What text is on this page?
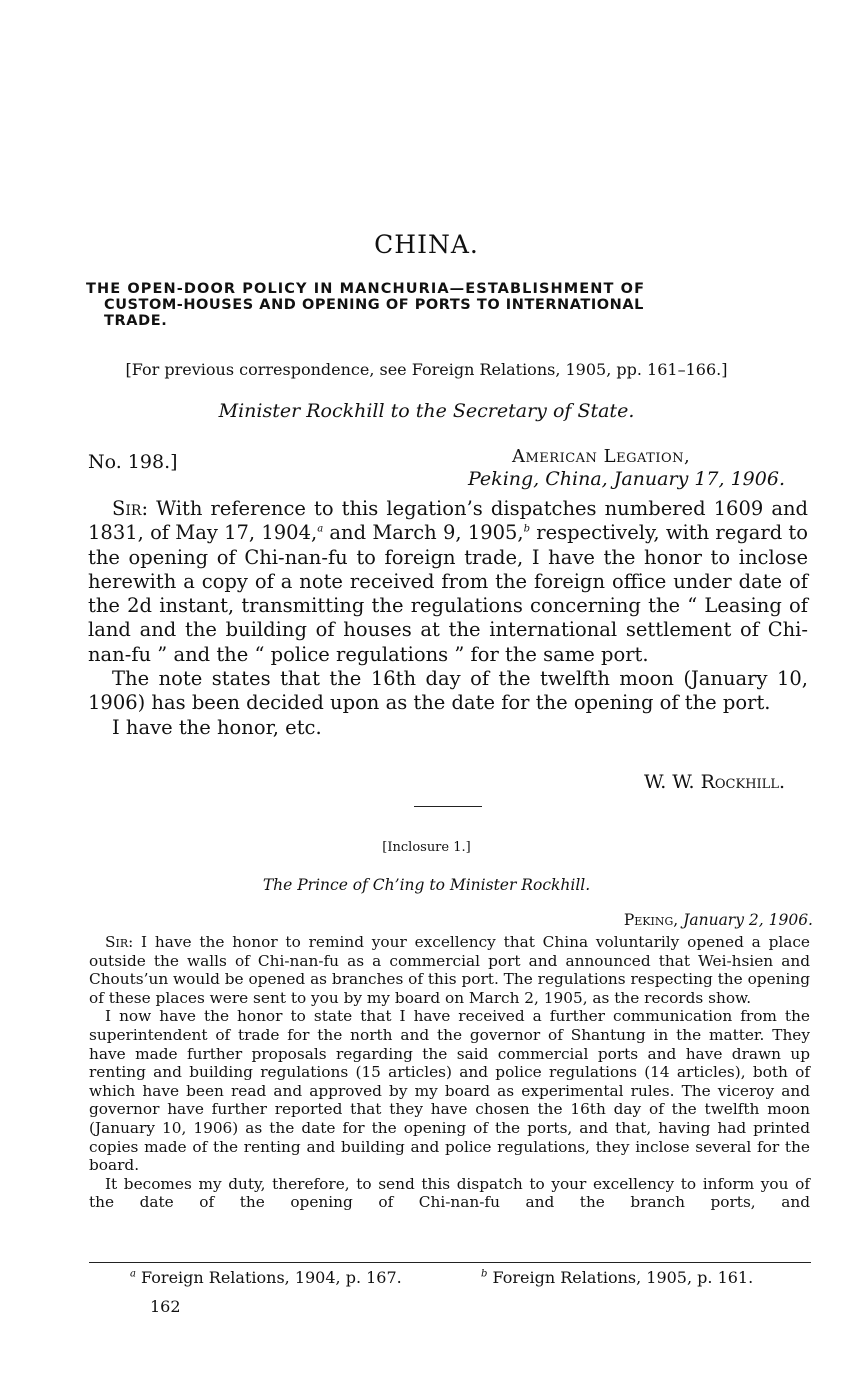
CHINA.
THE OPEN-DOOR POLICY IN MANCHURIA—ESTABLISHMENT OF
CUSTOM-HOUSES AND OPENING OF PORTS TO INTERNATIONAL
TRADE.
[For previous correspondence, see Foreign Relations, 1905, pp. 161–166.]
Minister Rockhill to the Secretary of State.
No. 198.]	American Legation,
Peking, China, January 17, 1906.

Sir: With reference to this legation’s dispatches numbered 1609 and 1831, of May 17, 1904,$^a$ and March 9, 1905,$^b$ respectively, with regard to the opening of Chi-nan-fu to foreign trade, I have the honor to inclose herewith a copy of a note received from the foreign office under date of the 2d instant, transmitting the regulations concerning the “ Leasing of land and the building of houses at the international settlement of Chi-nan-fu ” and the “ police regulations ” for the same port.

The note states that the 16th day of the twelfth moon (January 10, 1906) has been decided upon as the date for the opening of the port.

I have the honor, etc.

W. W. Rockhill.
[Inclosure 1.]
The Prince of Ch’ing to Minister Rockhill.
Peking, January 2, 1906.

Sir: I have the honor to remind your excellency that China voluntarily opened a place outside the walls of Chi-nan-fu as a commercial port and announced that Wei-hsien and Chouts’un would be opened as branches of this port. The regulations respecting the opening of these places were sent to you by my board on March 2, 1905, as the records show.

I now have the honor to state that I have received a further communication from the superintendent of trade for the north and the governor of Shantung in the matter. They have made further proposals regarding the said commercial ports and have drawn up renting and building regulations (15 articles) and police regulations (14 articles), both of which have been read and approved by my board as experimental rules. The viceroy and governor have further reported that they have chosen the 16th day of the twelfth moon (January 10, 1906) as the date for the opening of the ports, and that, having had printed copies made of the renting and building and police regulations, they inclose several for the board.

It becomes my duty, therefore, to send this dispatch to your excellency to inform you of the date of the opening of Chi-nan-fu and the branch ports, and

$^a$ Foreign Relations, 1904, p. 167.	$^b$ Foreign Relations, 1905, p. 161.
162
